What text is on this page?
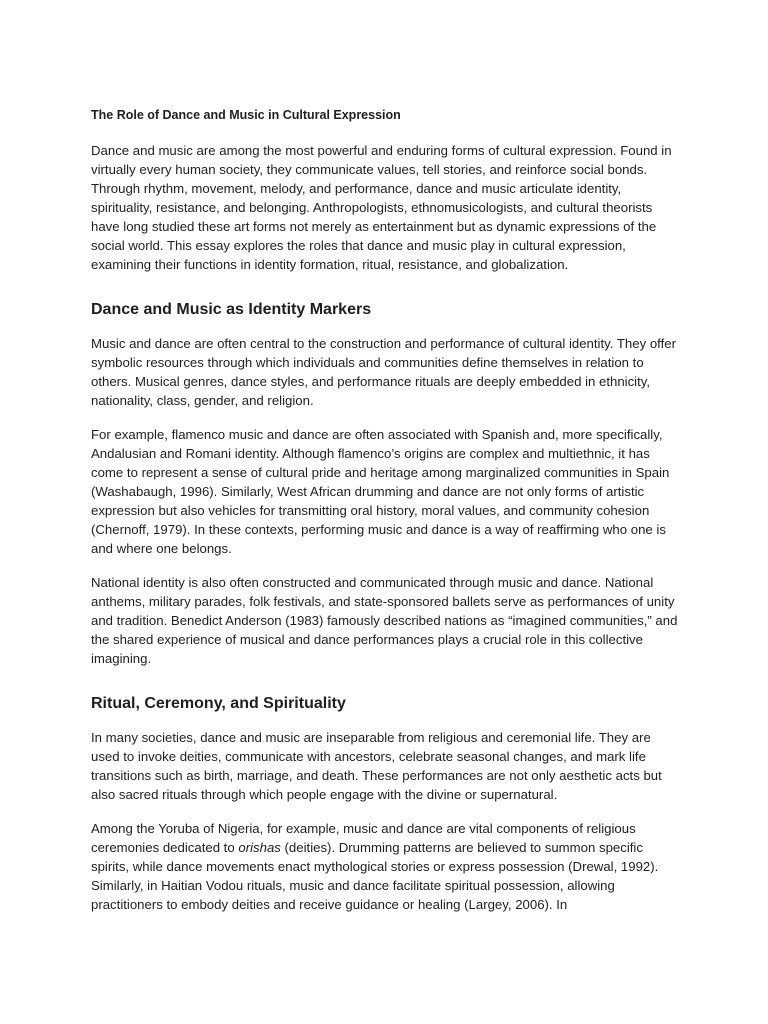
The Role of Dance and Music in Cultural Expression

Dance and music are among the most powerful and enduring forms of cultural expression. Found in virtually every human society, they communicate values, tell stories, and reinforce social bonds. Through rhythm, movement, melody, and performance, dance and music articulate identity, spirituality, resistance, and belonging. Anthropologists, ethnomusicologists, and cultural theorists have long studied these art forms not merely as entertainment but as dynamic expressions of the social world. This essay explores the roles that dance and music play in cultural expression, examining their functions in identity formation, ritual, resistance, and globalization.

Dance and Music as Identity Markers

Music and dance are often central to the construction and performance of cultural identity. They offer symbolic resources through which individuals and communities define themselves in relation to others. Musical genres, dance styles, and performance rituals are deeply embedded in ethnicity, nationality, class, gender, and religion.

For example, flamenco music and dance are often associated with Spanish and, more specifically, Andalusian and Romani identity. Although flamenco’s origins are complex and multiethnic, it has come to represent a sense of cultural pride and heritage among marginalized communities in Spain (Washabaugh, 1996). Similarly, West African drumming and dance are not only forms of artistic expression but also vehicles for transmitting oral history, moral values, and community cohesion (Chernoff, 1979). In these contexts, performing music and dance is a way of reaffirming who one is and where one belongs.

National identity is also often constructed and communicated through music and dance. National anthems, military parades, folk festivals, and state-sponsored ballets serve as performances of unity and tradition. Benedict Anderson (1983) famously described nations as “imagined communities,” and the shared experience of musical and dance performances plays a crucial role in this collective imagining.

Ritual, Ceremony, and Spirituality

In many societies, dance and music are inseparable from religious and ceremonial life. They are used to invoke deities, communicate with ancestors, celebrate seasonal changes, and mark life transitions such as birth, marriage, and death. These performances are not only aesthetic acts but also sacred rituals through which people engage with the divine or supernatural.

Among the Yoruba of Nigeria, for example, music and dance are vital components of religious ceremonies dedicated to orishas (deities). Drumming patterns are believed to summon specific spirits, while dance movements enact mythological stories or express possession (Drewal, 1992). Similarly, in Haitian Vodou rituals, music and dance facilitate spiritual possession, allowing practitioners to embody deities and receive guidance or healing (Largey, 2006). In
